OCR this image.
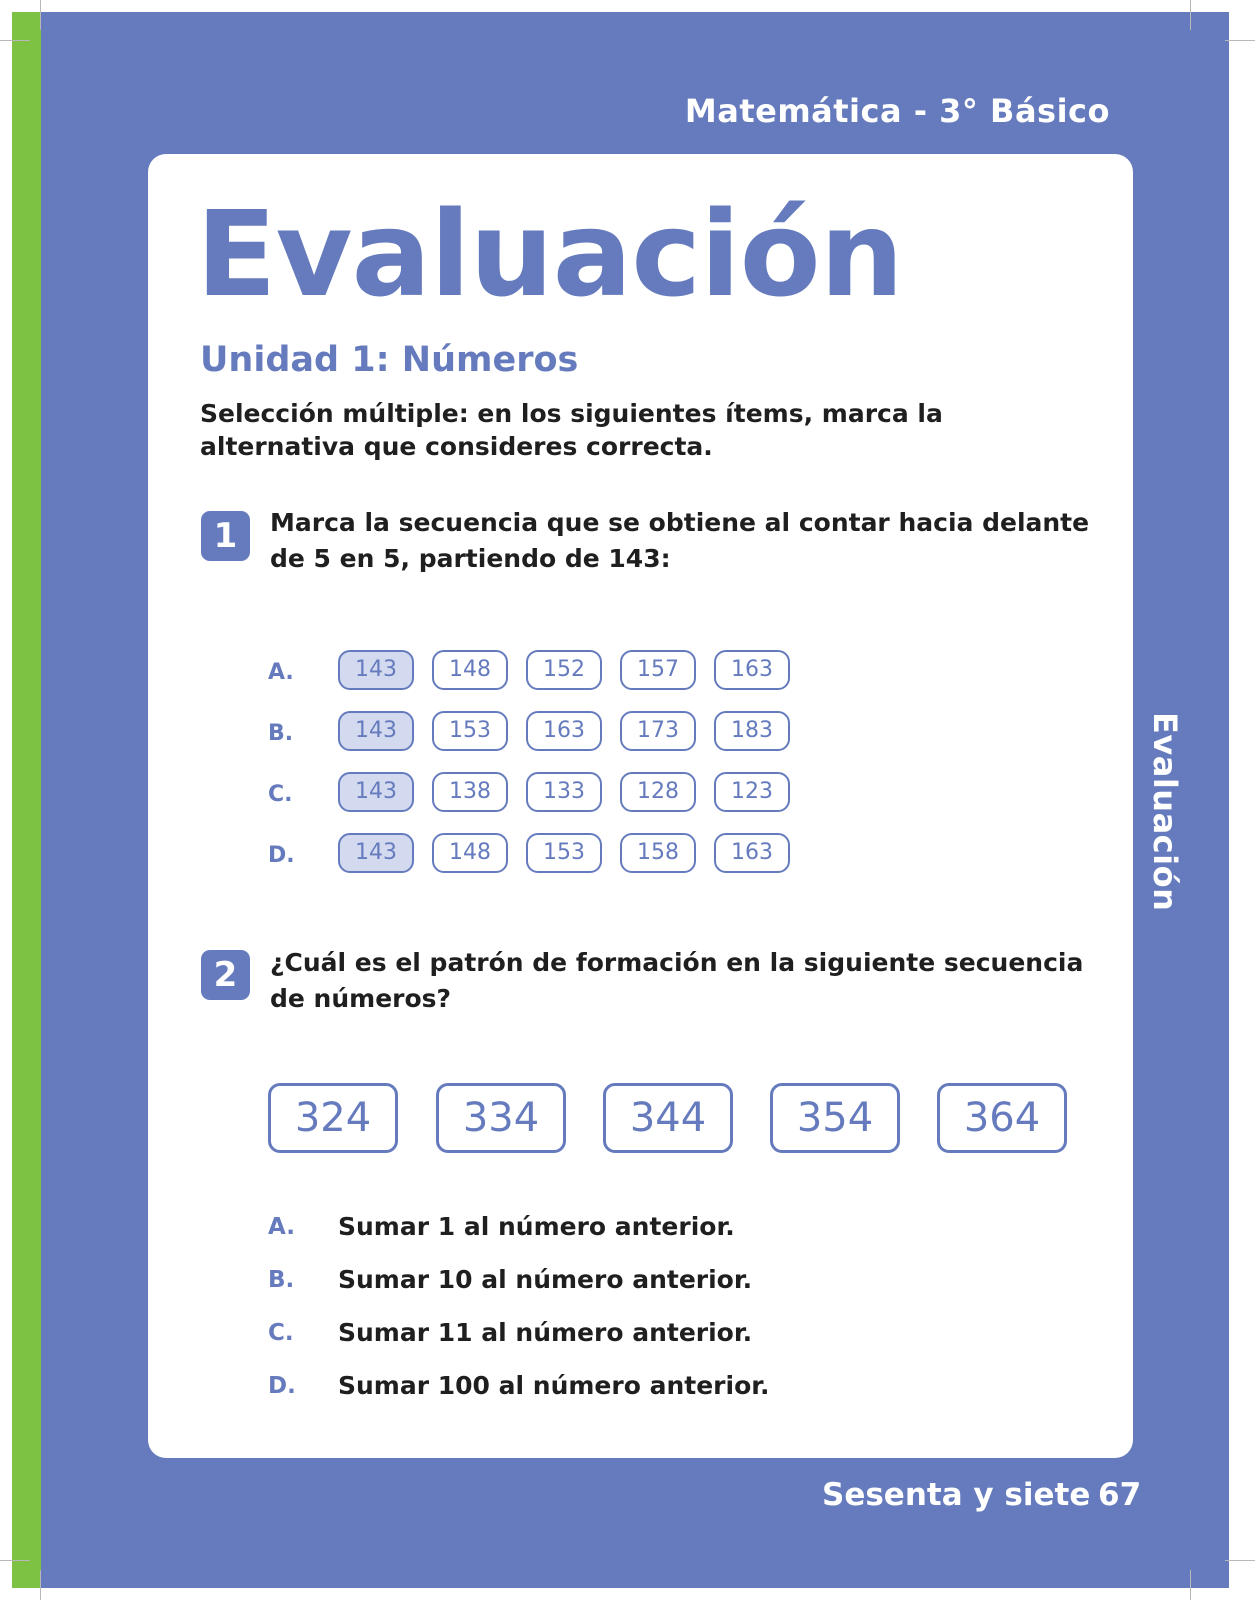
Matemática - 3° Básico
Evaluación
Unidad 1: Números
Selección múltiple: en los siguientes ítems, marca la alternativa que consideres correcta.
1	Marca la secuencia que se obtiene al contar hacia delante de 5 en 5, partiendo de 143:
A.	143	148	152	157	163
B.	143	153	163	173	183
C.	143	138	133	128	123
D.	143	148	153	158	163
2	¿Cuál es el patrón de formación en la siguiente secuencia de números?
324	334	344	354	364
A. Sumar 1 al número anterior.
B. Sumar 10 al número anterior.
C. Sumar 11 al número anterior.
D. Sumar 100 al número anterior.
Evaluación
Sesenta y siete 67
